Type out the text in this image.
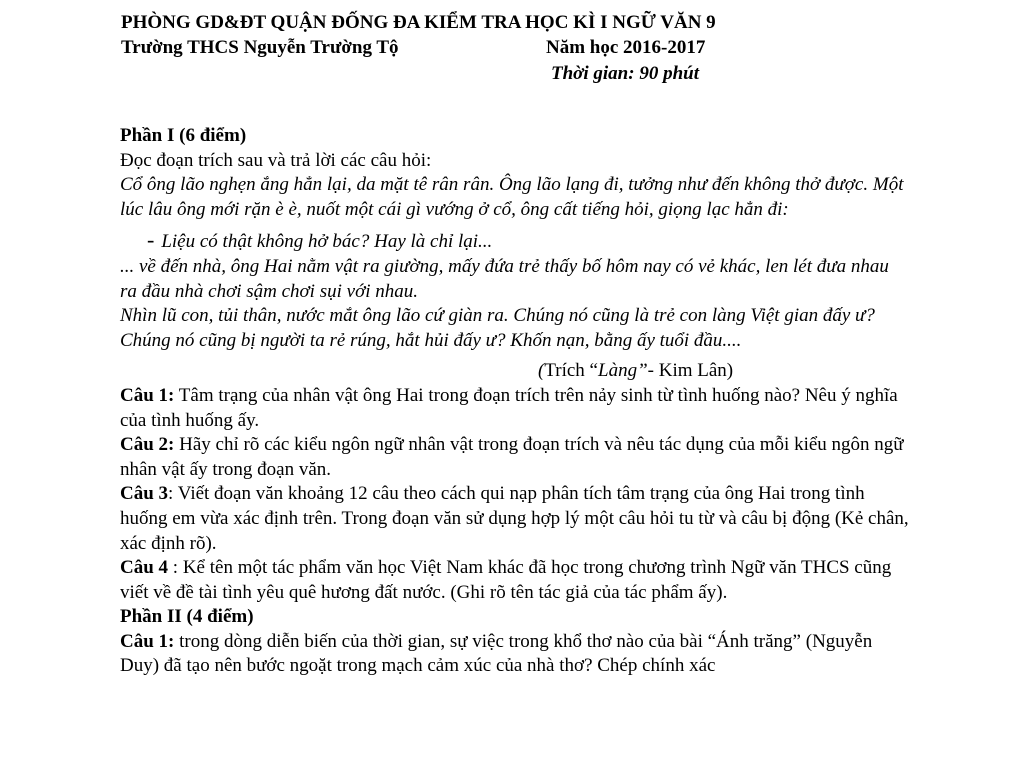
PHÒNG GD&ĐT QUẬN ĐỐNG ĐA KIỂM TRA HỌC KÌ I NGỮ VĂN 9
Trường THCS Nguyễn Trường Tộ	Năm học 2016-2017
Thời gian: 90 phút

Phần I (6 điểm)

Đọc đoạn trích sau và trả lời các câu hỏi:

Cổ ông lão nghẹn ắng hẳn lại, da mặt tê rân rân. Ông lão lạng đi, tưởng như đến không thở được. Một lúc lâu ông mới rặn è è, nuốt một cái gì vướng ở cổ, ông cất tiếng hỏi, giọng lạc hẳn đi:

- Liệu có thật không hở bác? Hay là chỉ lại...

... về đến nhà, ông Hai nằm vật ra giường, mấy đứa trẻ thấy bố hôm nay có vẻ khác, len lét đưa nhau ra đầu nhà chơi sậm chơi sụi với nhau.

Nhìn lũ con, tủi thân, nước mắt ông lão cứ giàn ra. Chúng nó cũng là trẻ con làng Việt gian đấy ư? Chúng nó cũng bị người ta rẻ rúng, hắt hủi đấy ư? Khốn nạn, bằng ấy tuổi đầu....

(Trích “Làng”- Kim Lân)

Câu 1: Tâm trạng của nhân vật ông Hai trong đoạn trích trên nảy sinh từ tình huống nào? Nêu ý nghĩa của tình huống ấy.

Câu 2: Hãy chỉ rõ các kiểu ngôn ngữ nhân vật trong đoạn trích và nêu tác dụng của mỗi kiểu ngôn ngữ nhân vật ấy trong đoạn văn.

Câu 3: Viết đoạn văn khoảng 12 câu theo cách qui nạp phân tích tâm trạng của ông Hai trong tình huống em vừa xác định trên. Trong đoạn văn sử dụng hợp lý một câu hỏi tu từ và câu bị động (Kẻ chân, xác định rõ).

Câu 4 : Kể tên một tác phẩm văn học Việt Nam khác đã học trong chương trình Ngữ văn THCS cũng viết về đề tài tình yêu quê hương đất nước. (Ghi rõ tên tác giả của tác phẩm ấy).

Phần II (4 điểm)

Câu 1: trong dòng diễn biến của thời gian, sự việc trong khổ thơ nào của bài “Ánh trăng” (Nguyễn Duy) đã tạo nên bước ngoặt trong mạch cảm xúc của nhà thơ? Chép chính xác
